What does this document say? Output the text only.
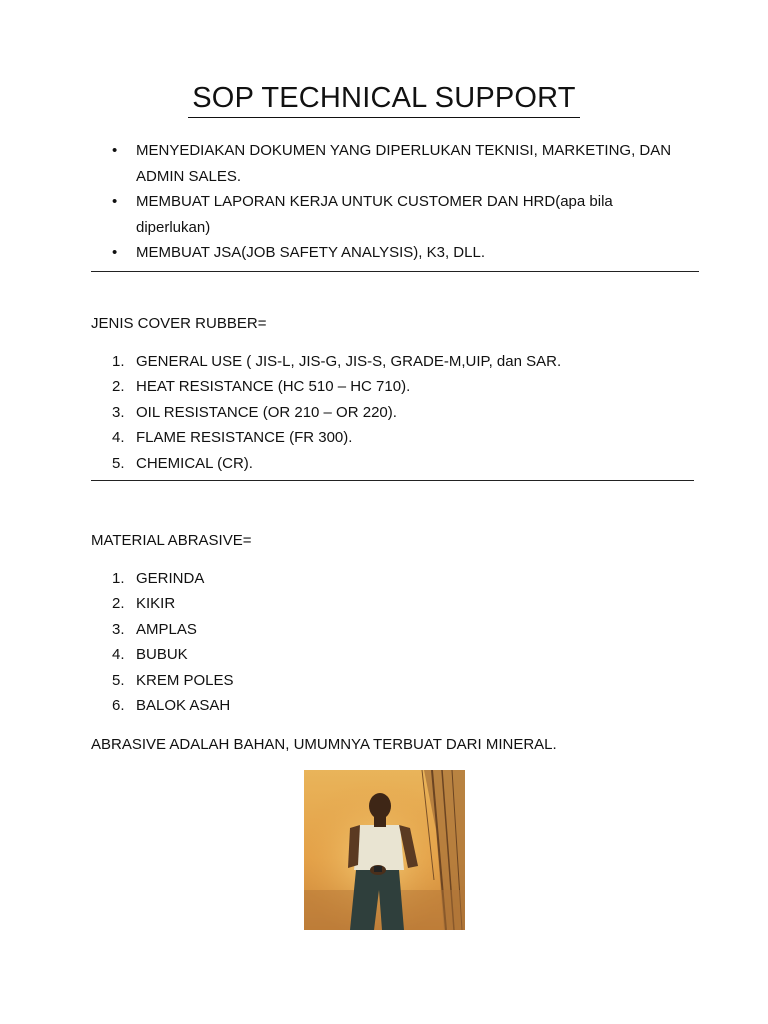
SOP TECHNICAL SUPPORT
• MENYEDIAKAN DOKUMEN YANG DIPERLUKAN TEKNISI, MARKETING, DAN ADMIN SALES.
• MEMBUAT LAPORAN KERJA UNTUK CUSTOMER DAN HRD(apa bila diperlukan)
• MEMBUAT JSA(JOB SAFETY ANALYSIS), K3, DLL.
JENIS COVER RUBBER=
1. GENERAL USE ( JIS-L, JIS-G, JIS-S, GRADE-M,UIP, dan SAR.
2. HEAT RESISTANCE (HC 510 – HC 710).
3. OIL RESISTANCE (OR 210 – OR 220).
4. FLAME RESISTANCE (FR 300).
5. CHEMICAL (CR).
MATERIAL ABRASIVE=
1. GERINDA
2. KIKIR
3. AMPLAS
4. BUBUK
5. KREM POLES
6. BALOK ASAH
ABRASIVE ADALAH BAHAN, UMUMNYA TERBUAT DARI MINERAL.
